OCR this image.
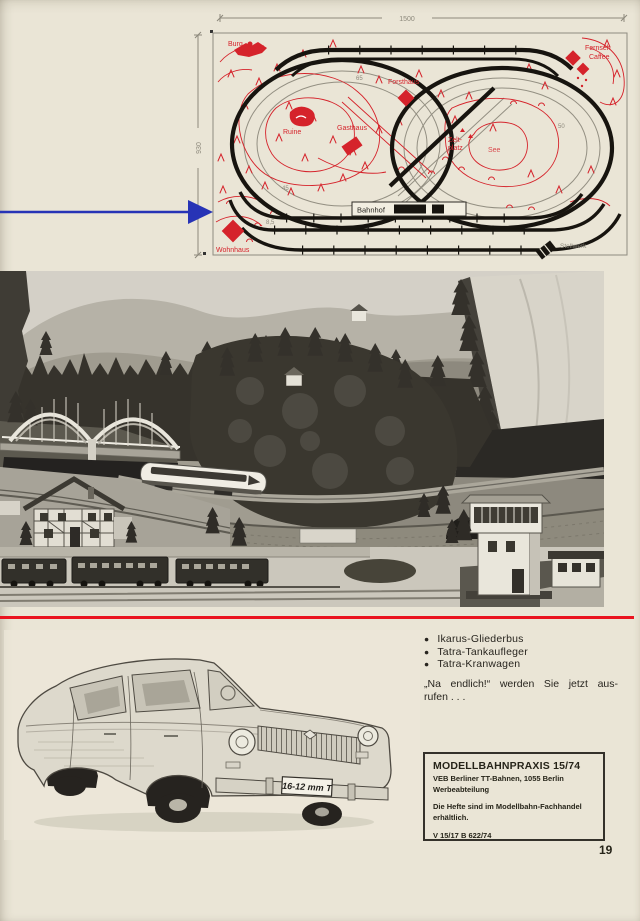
1500
930
Bahnhof
Stellwerk
Burg
Fernseh
Caffee
Forsthaus
Ruine
Gasthaus
Zelt-
platz	See
Wohnhaus
65
50
45
8,5
16-12 mm T
●
Ikarus-Gliederbus
●
Tatra-Tankaufleger
●
Tatra-Kranwagen
„Na endlich!“ werden Sie jetzt aus-
rufen . . .
MODELLBAHNPRAXIS 15/74
VEB Berliner TT-Bahnen, 1055 Berlin
Werbeabteilung
Die Hefte sind im Modellbahn-Fachhandel erhältlich.
V 15/17 B 622/74
19
